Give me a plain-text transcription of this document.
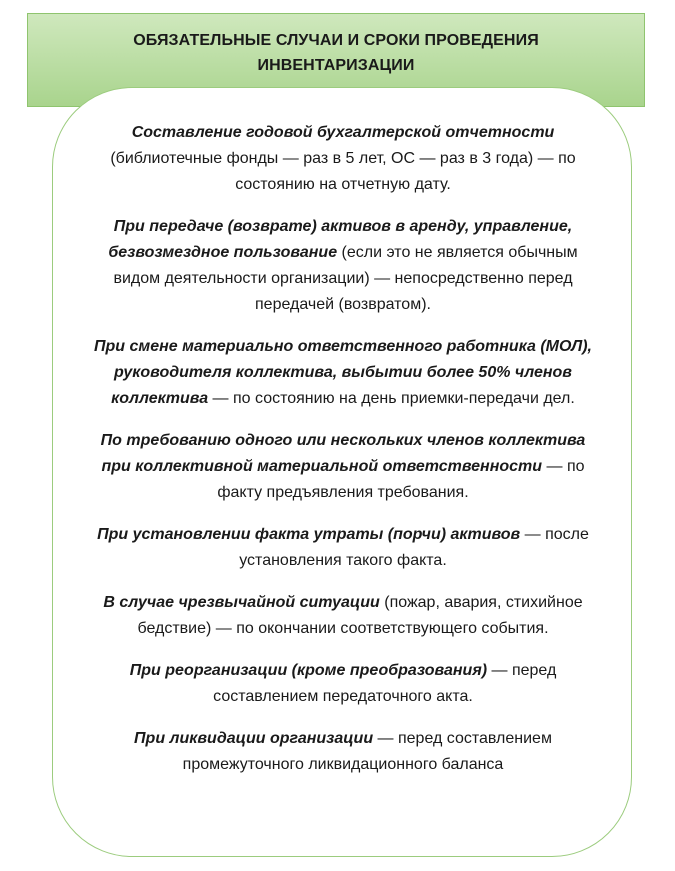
ОБЯЗАТЕЛЬНЫЕ СЛУЧАИ И СРОКИ ПРОВЕДЕНИЯ ИНВЕНТАРИЗАЦИИ

Составление годовой бухгалтерской отчетности (библиотечные фонды — раз в 5 лет, ОС — раз в 3 года) — по состоянию на отчетную дату.

При передаче (возврате) активов в аренду, управление, безвозмездное пользование (если это не является обычным видом деятельности организации) — непосредственно перед передачей (возвратом).

При смене материально ответственного работника (МОЛ), руководителя коллектива, выбытии более 50% членов коллектива — по состоянию на день приемки-передачи дел.

По требованию одного или нескольких членов коллектива при коллективной материальной ответственности — по факту предъявления требования.

При установлении факта утраты (порчи) активов — после установления такого факта.

В случае чрезвычайной ситуации (пожар, авария, стихийное бедствие) — по окончании соответствующего события.

При реорганизации (кроме преобразования) — перед составлением передаточного акта.

При ликвидации организации — перед составлением промежуточного ликвидационного баланса
